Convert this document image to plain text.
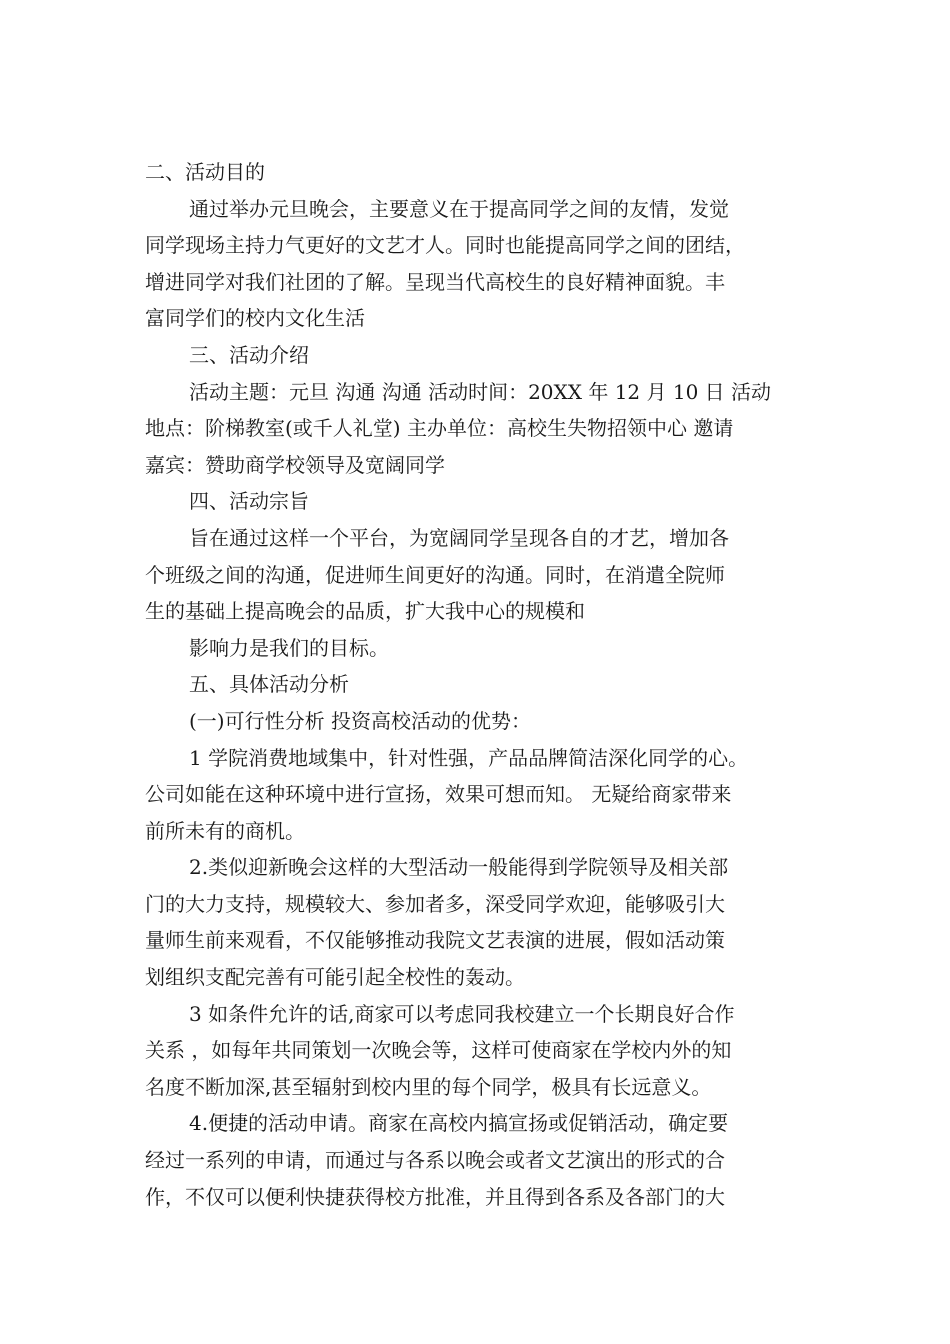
二、活动目的
通过举办元旦晚会，主要意义在于提高同学之间的友情，发觉
同学现场主持力气更好的文艺才人。同时也能提高同学之间的团结，
增进同学对我们社团的了解。呈现当代高校生的良好精神面貌。丰
富同学们的校内文化生活
三、活动介绍
活动主题：元旦 沟通 沟通 活动时间：20XX 年 12 月 10 日 活动
地点：阶梯教室(或千人礼堂) 主办单位：高校生失物招领中心 邀请
嘉宾：赞助商学校领导及宽阔同学
四、活动宗旨
旨在通过这样一个平台，为宽阔同学呈现各自的才艺，增加各
个班级之间的沟通，促进师生间更好的沟通。同时，在消遣全院师
生的基础上提高晚会的品质，扩大我中心的规模和
影响力是我们的目标。
五、具体活动分析
(一)可行性分析 投资高校活动的优势：
1 学院消费地域集中，针对性强，产品品牌简洁深化同学的心。
公司如能在这种环境中进行宣扬，效果可想而知。 无疑给商家带来
前所未有的商机。
2.类似迎新晚会这样的大型活动一般能得到学院领导及相关部
门的大力支持，规模较大、参加者多，深受同学欢迎，能够吸引大
量师生前来观看，不仅能够推动我院文艺表演的进展，假如活动策
划组织支配完善有可能引起全校性的轰动。
3 如条件允许的话,商家可以考虑同我校建立一个长期良好合作
关系 ，如每年共同策划一次晚会等，这样可使商家在学校内外的知
名度不断加深,甚至辐射到校内里的每个同学，极具有长远意义。
4.便捷的活动申请。商家在高校内搞宣扬或促销活动，确定要
经过一系列的申请，而通过与各系以晚会或者文艺演出的形式的合
作，不仅可以便利快捷获得校方批准，并且得到各系及各部门的大
